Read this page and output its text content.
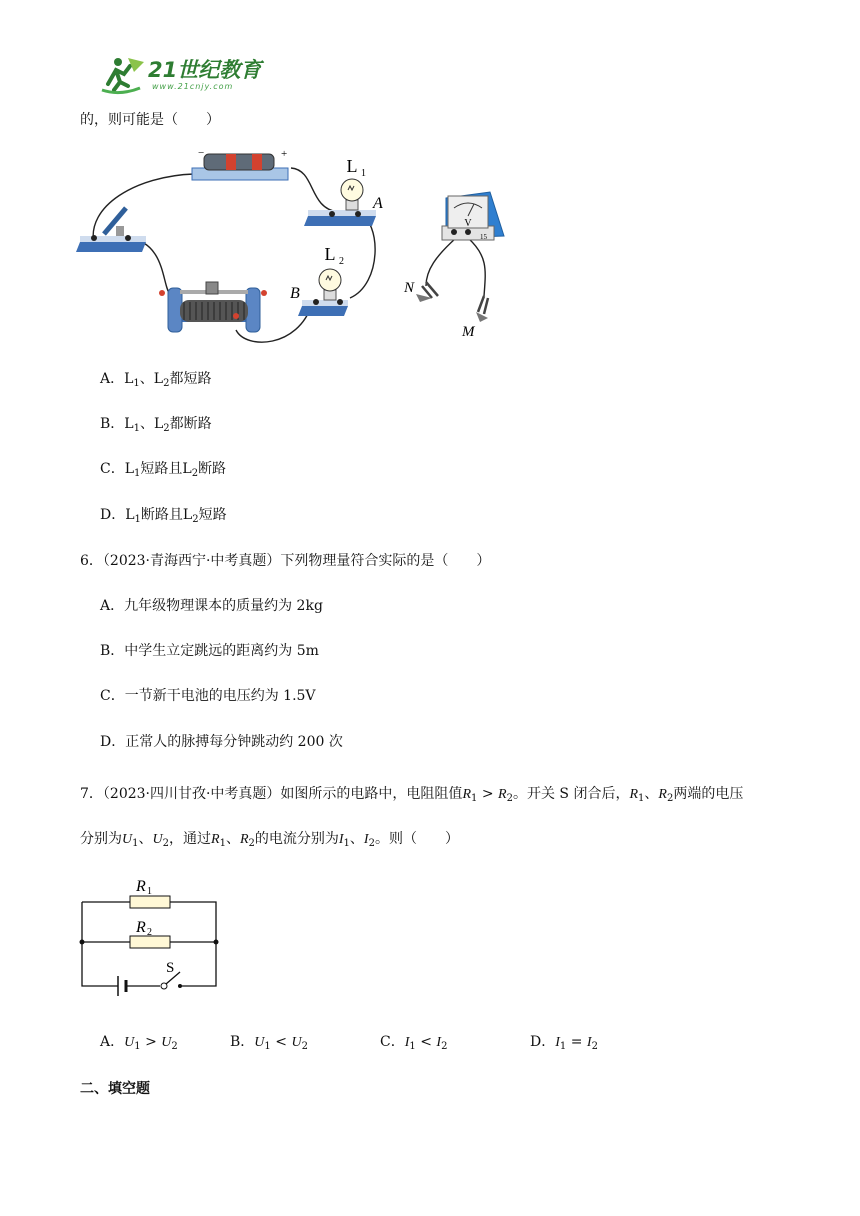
21世纪教育
www.21cnjy.com
的，则可能是（　　）
−	+
L 1
A
L 2
B
V
15
N
M
A．$L_1$、$L_2$都短路
B．$L_1$、$L_2$都断路
C．$L_1$短路且$L_2$断路
D．$L_1$断路且$L_2$短路
6．（2023·青海西宁·中考真题）下列物理量符合实际的是（　　）
A．九年级物理课本的质量约为 2kg
B．中学生立定跳远的距离约为 5m
C．一节新干电池的电压约为 1.5V
D．正常人的脉搏每分钟跳动约 200 次
7．（2023·四川甘孜·中考真题）如图所示的电路中，电阻阻值$R_1 > R_2$。开关 S 闭合后，$R_1$、$R_2$两端的电压
分别为$U_1$、$U_2$，通过$R_1$、$R_2$的电流分别为$I_1$、$I_2$。则（　　）
R 1
R 2
S
A．$U_1 > U_2$	B．$U_1 < U_2$	C．$I_1 < I_2$	D．$I_1 = I_2$
二、填空题
